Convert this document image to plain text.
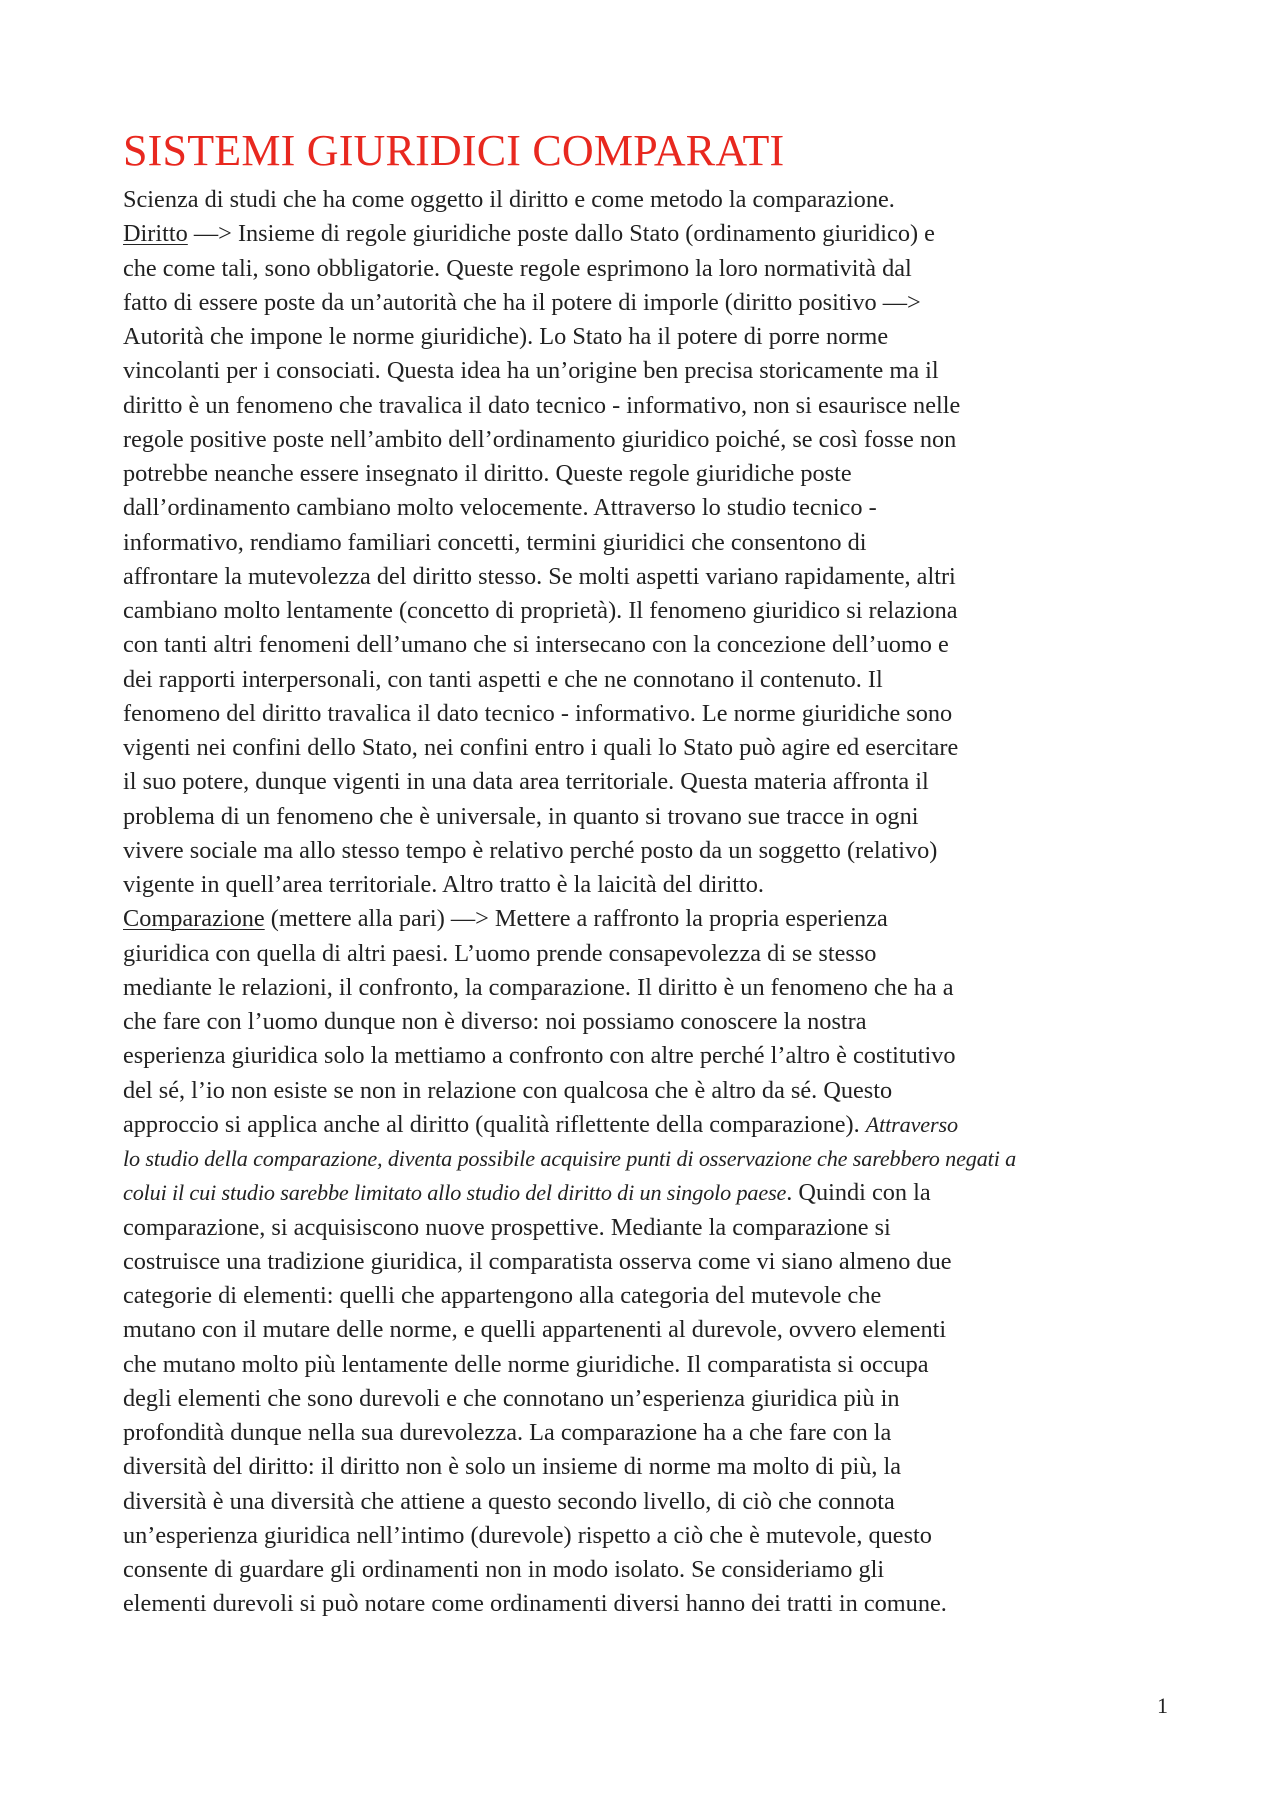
SISTEMI GIURIDICI COMPARATI
Scienza di studi che ha come oggetto il diritto e come metodo la comparazione.
Diritto —> Insieme di regole giuridiche poste dallo Stato (ordinamento giuridico) e
che come tali, sono obbligatorie. Queste regole esprimono la loro normatività dal
fatto di essere poste da un’autorità che ha il potere di imporle (diritto positivo —>
Autorità che impone le norme giuridiche). Lo Stato ha il potere di porre norme
vincolanti per i consociati. Questa idea ha un’origine ben precisa storicamente ma il
diritto è un fenomeno che travalica il dato tecnico - informativo, non si esaurisce nelle
regole positive poste nell’ambito dell’ordinamento giuridico poiché, se così fosse non
potrebbe neanche essere insegnato il diritto. Queste regole giuridiche poste
dall’ordinamento cambiano molto velocemente. Attraverso lo studio tecnico -
informativo, rendiamo familiari concetti, termini giuridici che consentono di
affrontare la mutevolezza del diritto stesso. Se molti aspetti variano rapidamente, altri
cambiano molto lentamente (concetto di proprietà). Il fenomeno giuridico si relaziona
con tanti altri fenomeni dell’umano che si intersecano con la concezione dell’uomo e
dei rapporti interpersonali, con tanti aspetti e che ne connotano il contenuto. Il
fenomeno del diritto travalica il dato tecnico - informativo. Le norme giuridiche sono
vigenti nei confini dello Stato, nei confini entro i quali lo Stato può agire ed esercitare
il suo potere, dunque vigenti in una data area territoriale. Questa materia affronta il
problema di un fenomeno che è universale, in quanto si trovano sue tracce in ogni
vivere sociale ma allo stesso tempo è relativo perché posto da un soggetto (relativo)
vigente in quell’area territoriale. Altro tratto è la laicità del diritto.
Comparazione (mettere alla pari) —> Mettere a raffronto la propria esperienza
giuridica con quella di altri paesi. L’uomo prende consapevolezza di se stesso
mediante le relazioni, il confronto, la comparazione. Il diritto è un fenomeno che ha a
che fare con l’uomo dunque non è diverso: noi possiamo conoscere la nostra
esperienza giuridica solo la mettiamo a confronto con altre perché l’altro è costitutivo
del sé, l’io non esiste se non in relazione con qualcosa che è altro da sé. Questo
approccio si applica anche al diritto (qualità riflettente della comparazione). Attraverso
lo studio della comparazione, diventa possibile acquisire punti di osservazione che sarebbero negati a
colui il cui studio sarebbe limitato allo studio del diritto di un singolo paese. Quindi con la
comparazione, si acquisiscono nuove prospettive. Mediante la comparazione si
costruisce una tradizione giuridica, il comparatista osserva come vi siano almeno due
categorie di elementi: quelli che appartengono alla categoria del mutevole che
mutano con il mutare delle norme, e quelli appartenenti al durevole, ovvero elementi
che mutano molto più lentamente delle norme giuridiche. Il comparatista si occupa
degli elementi che sono durevoli e che connotano un’esperienza giuridica più in
profondità dunque nella sua durevolezza. La comparazione ha a che fare con la
diversità del diritto: il diritto non è solo un insieme di norme ma molto di più, la
diversità è una diversità che attiene a questo secondo livello, di ciò che connota
un’esperienza giuridica nell’intimo (durevole) rispetto a ciò che è mutevole, questo
consente di guardare gli ordinamenti non in modo isolato. Se consideriamo gli
elementi durevoli si può notare come ordinamenti diversi hanno dei tratti in comune.
1
